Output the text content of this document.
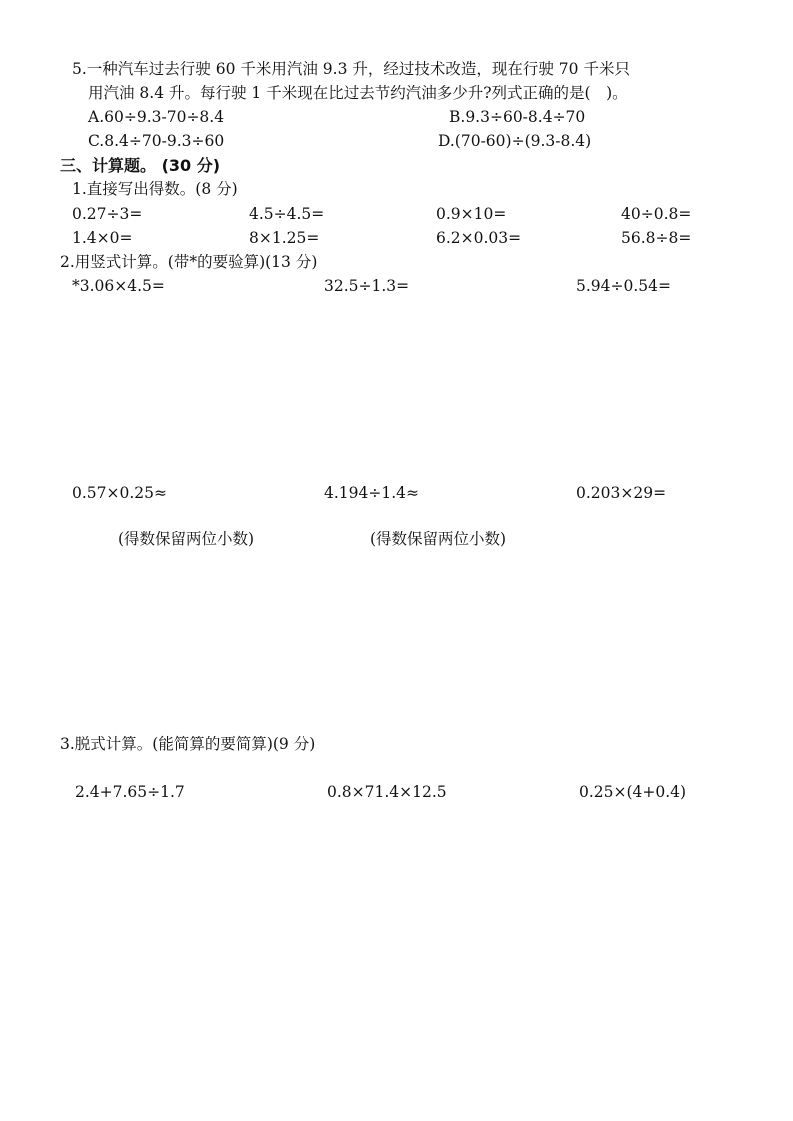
5.一种汽车过去行驶 60 千米用汽油 9.3 升，经过技术改造，现在行驶 70 千米只
用汽油 8.4 升。每行驶 1 千米现在比过去节约汽油多少升?列式正确的是(　)。
A.60÷9.3-70÷8.4	B.9.3÷60-8.4÷70
C.8.4÷70-9.3÷60	D.(70-60)÷(9.3-8.4)
三、计算题。 (30 分)
1.直接写出得数。(8 分)
0.27÷3=	4.5÷4.5=	0.9×10=	40÷0.8=
1.4×0=	8×1.25=	6.2×0.03=	56.8÷8=
2.用竖式计算。(带*的要验算)(13 分)
*3.06×4.5=	32.5÷1.3=	5.94÷0.54=
0.57×0.25≈	4.194÷1.4≈	0.203×29=
(得数保留两位小数)	(得数保留两位小数)
3.脱式计算。(能简算的要简算)(9 分)
2.4+7.65÷1.7	0.8×71.4×12.5	0.25×(4+0.4)
